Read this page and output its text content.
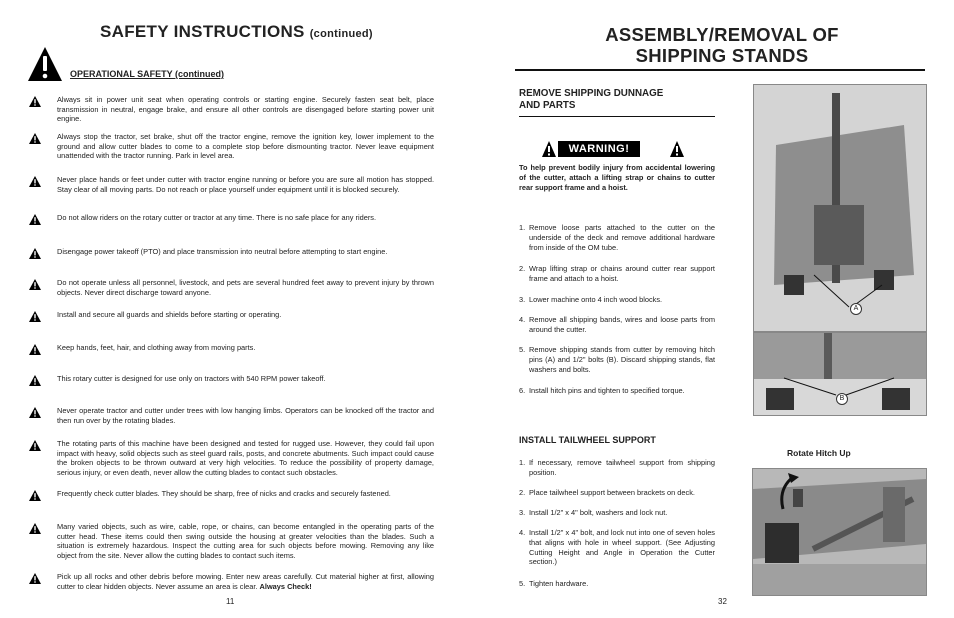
SAFETY INSTRUCTIONS (continued)
OPERATIONAL SAFETY (continued)
Always sit in power unit seat when operating controls or starting engine. Securely fasten seat belt, place transmission in neutral, engage brake, and ensure all other controls are disengaged before starting power unit engine.
Always stop the tractor, set brake, shut off the tractor engine, remove the ignition key, lower implement to the ground and allow cutter blades to come to a complete stop before dismounting tractor. Never leave equipment unattended with the tractor running. Park in level area.
Never place hands or feet under cutter with tractor engine running or before you are sure all motion has stopped. Stay clear of all moving parts. Do not reach or place yourself under equipment until it is blocked securely.
Do not allow riders on the rotary cutter or tractor at any time. There is no safe place for any riders.
Disengage power takeoff (PTO) and place transmission into neutral before attempting to start engine.
Do not operate unless all personnel, livestock, and pets are several hundred feet away to prevent injury by thrown objects. Never direct discharge toward anyone.
Install and secure all guards and shields before starting or operating.
Keep hands, feet, hair, and clothing away from moving parts.
This rotary cutter is designed for use only on tractors with 540 RPM power takeoff.
Never operate tractor and cutter under trees with low hanging limbs. Operators can be knocked off the tractor and then run over by the rotating blades.
The rotating parts of this machine have been designed and tested for rugged use. However, they could fail upon impact with heavy, solid objects such as steel guard rails, posts, and concrete abutments. Such impact could cause the broken objects to be thrown outward at very high velocities. To reduce the possibility of property damage, serious injury, or even death, never allow the cutting blades to contact such obstacles.
Frequently check cutter blades. They should be sharp, free of nicks and cracks and securely fastened.
Many varied objects, such as wire, cable, rope, or chains, can become entangled in the operating parts of the cutter head. These items could then swing outside the housing at greater velocities than the blades. Such a situation is extremely hazardous. Inspect the cutting area for such objects before mowing. Removing any like object from the site. Never allow the cutting blades to contact such items.
Pick up all rocks and other debris before mowing. Enter new areas carefully. Cut material higher at first, allowing cutter to clear hidden objects. Never assume an area is clear. Always Check!
11
ASSEMBLY/REMOVAL OF
SHIPPING STANDS
REMOVE SHIPPING DUNNAGE
AND PARTS
WARNING!
To help prevent bodily injury from accidental lowering of the cutter, attach a lifting strap or chains to cutter rear support frame and a hoist.
1. Remove loose parts attached to the cutter on the underside of the deck and remove additional hardware from inside of the OM tube.
2. Wrap lifting strap or chains around cutter rear support frame and attach to a hoist.
3. Lower machine onto 4 inch wood blocks.
4. Remove all shipping bands, wires and loose parts from around the cutter.
5. Remove shipping stands from cutter by removing hitch pins (A) and 1/2" bolts (B). Discard shipping stands, flat washers and bolts.
6. Install hitch pins and tighten to specified torque.
INSTALL TAILWHEEL SUPPORT
1. If necessary, remove tailwheel support from shipping position.
2. Place tailwheel support between brackets on deck.
3. Install 1/2" x 4" bolt, washers and lock nut.
4. Install 1/2" x 4" bolt, and lock nut into one of seven holes that aligns with hole in wheel support. (See Adjusting Cutting Height and Angle in Operation the Cutter section.)
5. Tighten hardware.
A
B
Rotate Hitch Up
32
